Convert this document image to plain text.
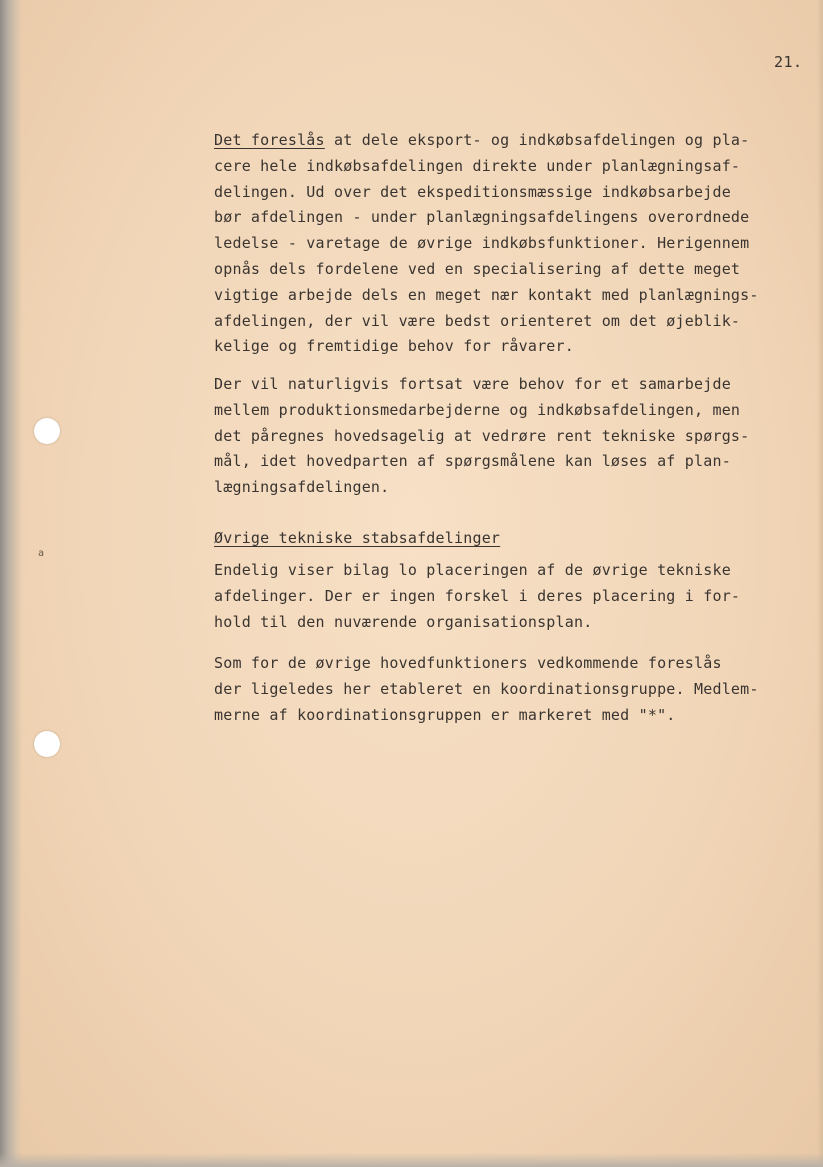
a
21.
Det foreslås at dele eksport- og indkøbsafdelingen og pla-
cere hele indkøbsafdelingen direkte under planlægningsaf-
delingen. Ud over det ekspeditionsmæssige indkøbsarbejde
bør afdelingen - under planlægningsafdelingens overordnede
ledelse - varetage de øvrige indkøbsfunktioner. Herigennem
opnås dels fordelene ved en specialisering af dette meget
vigtige arbejde dels en meget nær kontakt med planlægnings-
afdelingen, der vil være bedst orienteret om det øjeblik-
kelige og fremtidige behov for råvarer.
Der vil naturligvis fortsat være behov for et samarbejde
mellem produktionsmedarbejderne og indkøbsafdelingen, men
det påregnes hovedsagelig at vedrøre rent tekniske spørgs-
mål, idet hovedparten af spørgsmålene kan løses af plan-
lægningsafdelingen.
Øvrige tekniske stabsafdelinger
Endelig viser bilag lo placeringen af de øvrige tekniske
afdelinger. Der er ingen forskel i deres placering i for-
hold til den nuværende organisationsplan.
Som for de øvrige hovedfunktioners vedkommende foreslås
der ligeledes her etableret en koordinationsgruppe. Medlem-
merne af koordinationsgruppen er markeret med "*".
